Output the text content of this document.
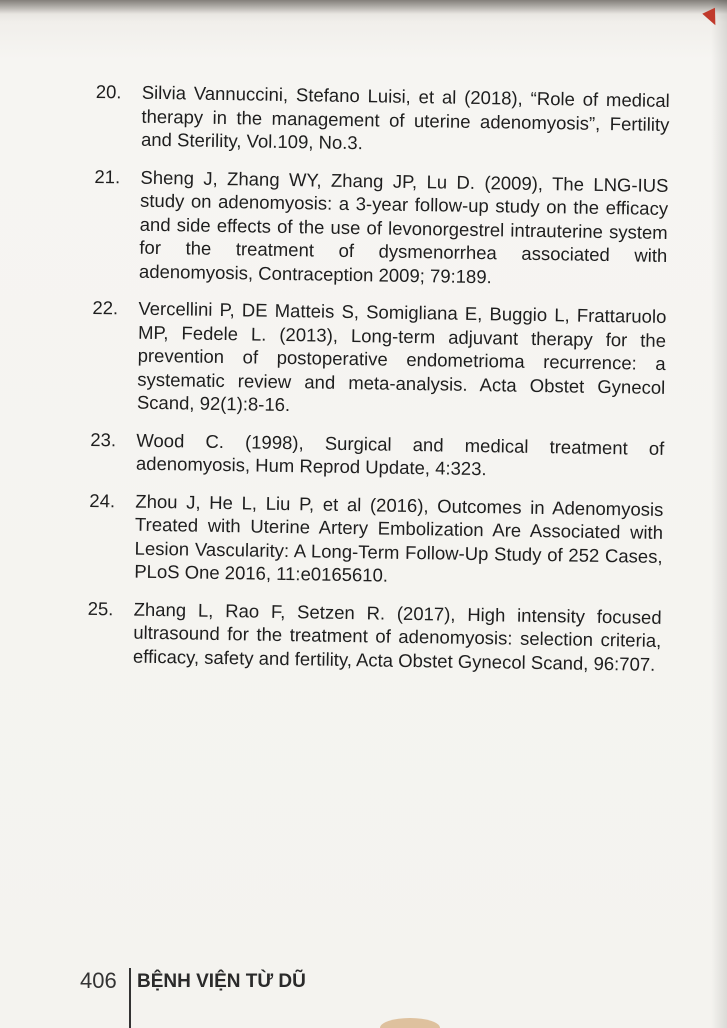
20.	Silvia Vannuccini, Stefano Luisi, et al (2018), “Role of medical therapy in the management of uterine adenomyosis”, Fertility and Sterility, Vol.109, No.3.
21.	Sheng J, Zhang WY, Zhang JP, Lu D. (2009), The LNG-IUS study on adenomyosis: a 3-year follow-up study on the efficacy and side effects of the use of levonorgestrel intrauterine system for the treatment of dysmenorrhea associated with adenomyosis, Contraception 2009; 79:189.
22.	Vercellini P, DE Matteis S, Somigliana E, Buggio L, Frattaruolo MP, Fedele L. (2013), Long-term adjuvant therapy for the prevention of postoperative endometrioma recurrence: a systematic review and meta-analysis. Acta Obstet Gynecol Scand, 92(1):8-16.
23.	Wood C. (1998), Surgical and medical treatment of adenomyosis, Hum Reprod Update, 4:323.
24.	Zhou J, He L, Liu P, et al (2016), Outcomes in Adenomyosis Treated with Uterine Artery Embolization Are Associated with Lesion Vascularity: A Long-Term Follow-Up Study of 252 Cases, PLoS One 2016, 11:e0165610.
25.	Zhang L, Rao F, Setzen R. (2017), High intensity focused ultrasound for the treatment of adenomyosis: selection criteria, efficacy, safety and fertility, Acta Obstet Gynecol Scand, 96:707.
406 BỆNH VIỆN TỪ DŨ
